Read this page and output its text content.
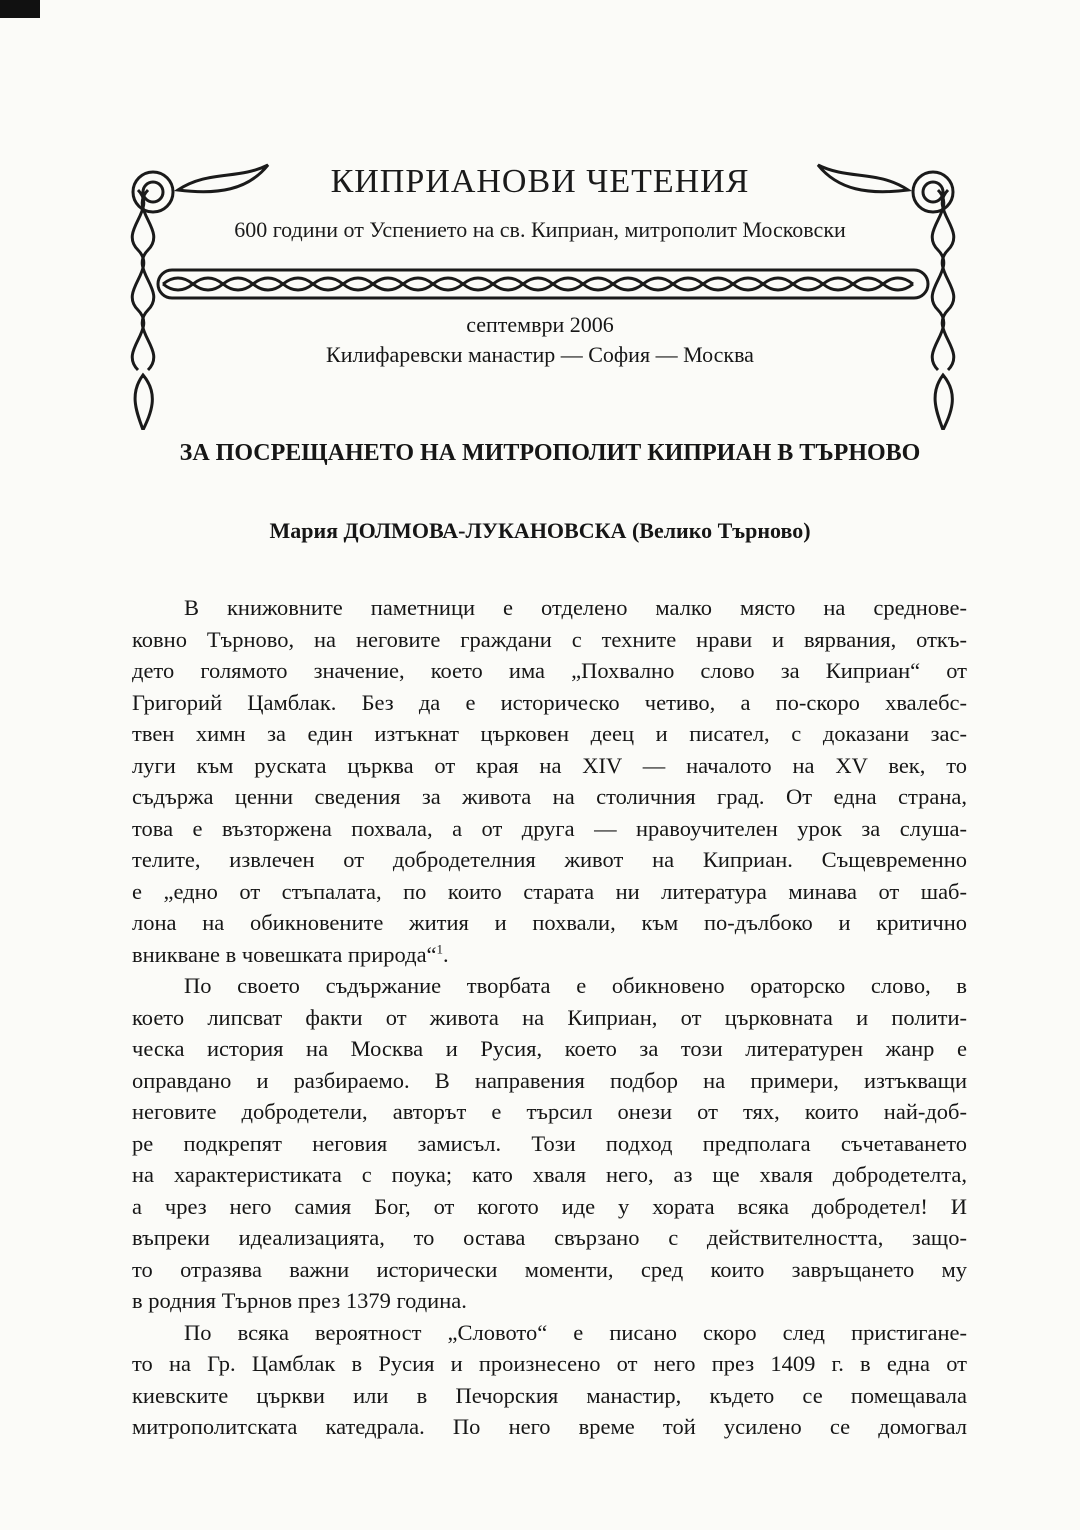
КИПРИАНОВИ ЧЕТЕНИЯ
600 години от Успението на св. Киприан, митрополит Московски
септември 2006
Килифаревски манастир — София — Москва
ЗА ПОСРЕЩАНЕТО НА МИТРОПОЛИТ КИПРИАН В ТЪРНОВО
Мария ДОЛМОВА-ЛУКАНОВСКА (Велико Търново)
В книжовните паметници е отделено малко място на среднове-
ковно Търново, на неговите граждани с техните нрави и вярвания, откъ-
дето голямото значение, което има „Похвално слово за Киприан“ от
Григорий Цамблак. Без да е историческо четиво, а по-скоро хвалебс-
твен химн за един изтъкнат църковен деец и писател, с доказани зас-
луги към руската църква от края на XIV — началото на XV век, то
съдържа ценни сведения за живота на столичния град. От една страна,
това е възторжена похвала, а от друга — нравоучителен урок за слуша-
телите, извлечен от добродетелния живот на Киприан. Същевременно
е „едно от стъпалата, по които старата ни литература минава от шаб-
лона на обикновените жития и похвали, към по-дълбоко и критично
вникване в човешката природа“$^1$.
По своето съдържание творбата е обикновено ораторско слово, в
което липсват факти от живота на Киприан, от църковната и полити-
ческа история на Москва и Русия, което за този литературен жанр е
оправдано и разбираемо. В направения подбор на примери, изтъкващи
неговите добродетели, авторът е търсил онези от тях, които най-доб-
ре подкрепят неговия замисъл. Този подход предполага съчетаването
на характеристиката с поука; като хваля него, аз ще хваля добродетелта,
а чрез него самия Бог, от когото иде у хората всяка добродетел! И
въпреки идеализацията, то остава свързано с действителността, защо-
то отразява важни исторически моменти, сред които завръщането му
в родния Търнов през 1379 година.
По всяка вероятност „Словото“ е писано скоро след пристигане-
то на Гр. Цамблак в Русия и произнесено от него през 1409 г. в една от
киевските църкви или в Печорския манастир, където се помещавала
митрополитската катедрала. По него време той усилено се домогвал
